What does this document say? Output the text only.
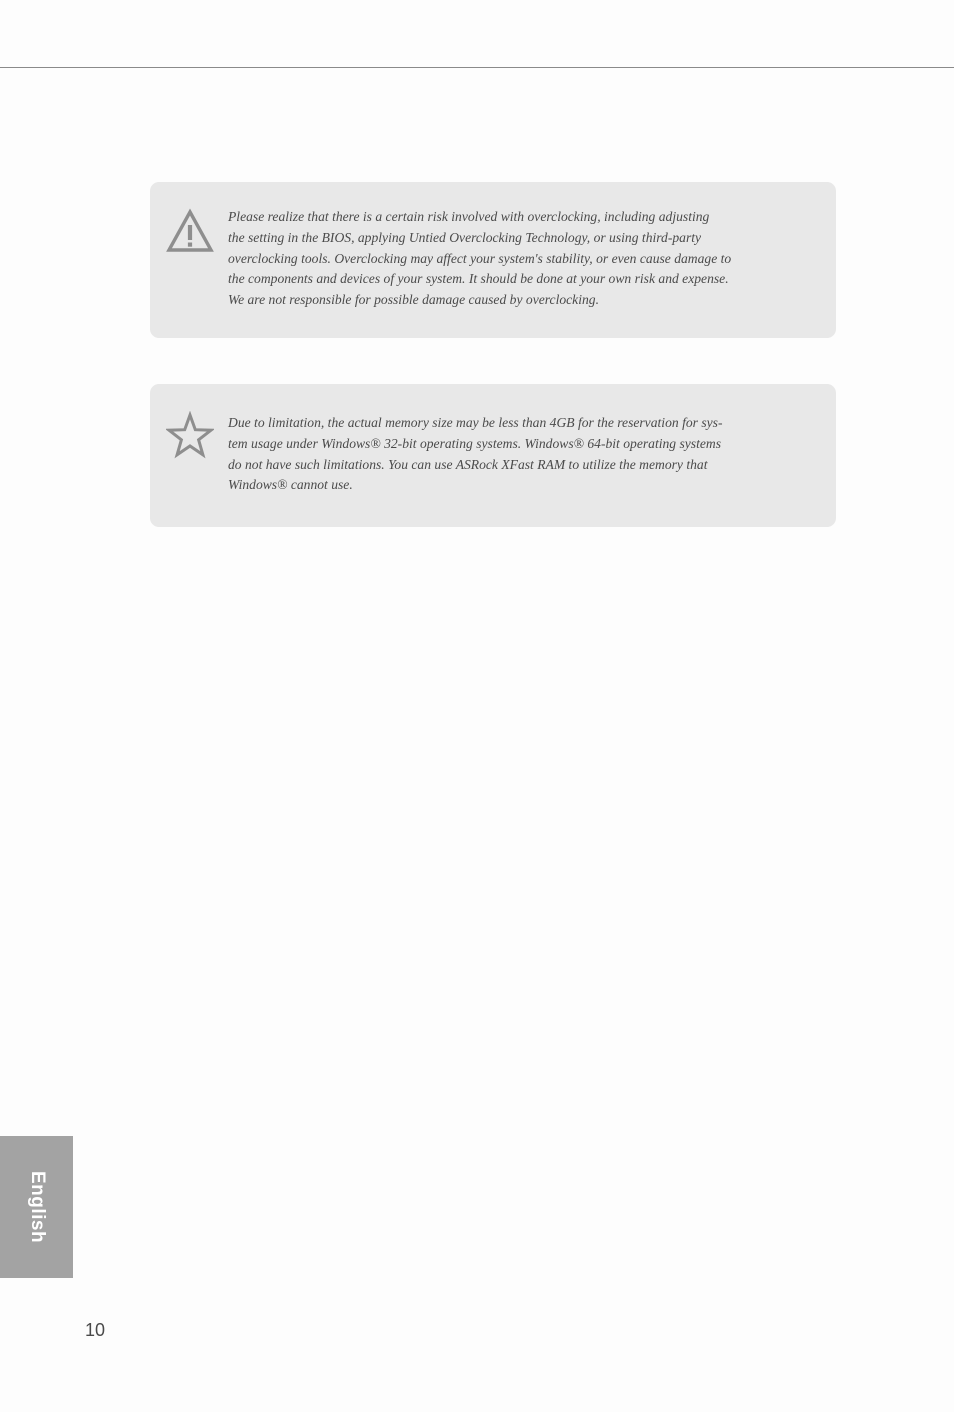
Please realize that there is a certain risk involved with overclocking, including adjusting
the setting in the BIOS, applying Untied Overclocking Technology, or using third-party
overclocking tools. Overclocking may affect your system's stability, or even cause damage to
the components and devices of your system. It should be done at your own risk and expense.
We are not responsible for possible damage caused by overclocking.
Due to limitation, the actual memory size may be less than 4GB for the reservation for sys-
tem usage under Windows® 32-bit operating systems. Windows® 64-bit operating systems
do not have such limitations. You can use ASRock XFast RAM to utilize the memory that
Windows® cannot use.
English
10
